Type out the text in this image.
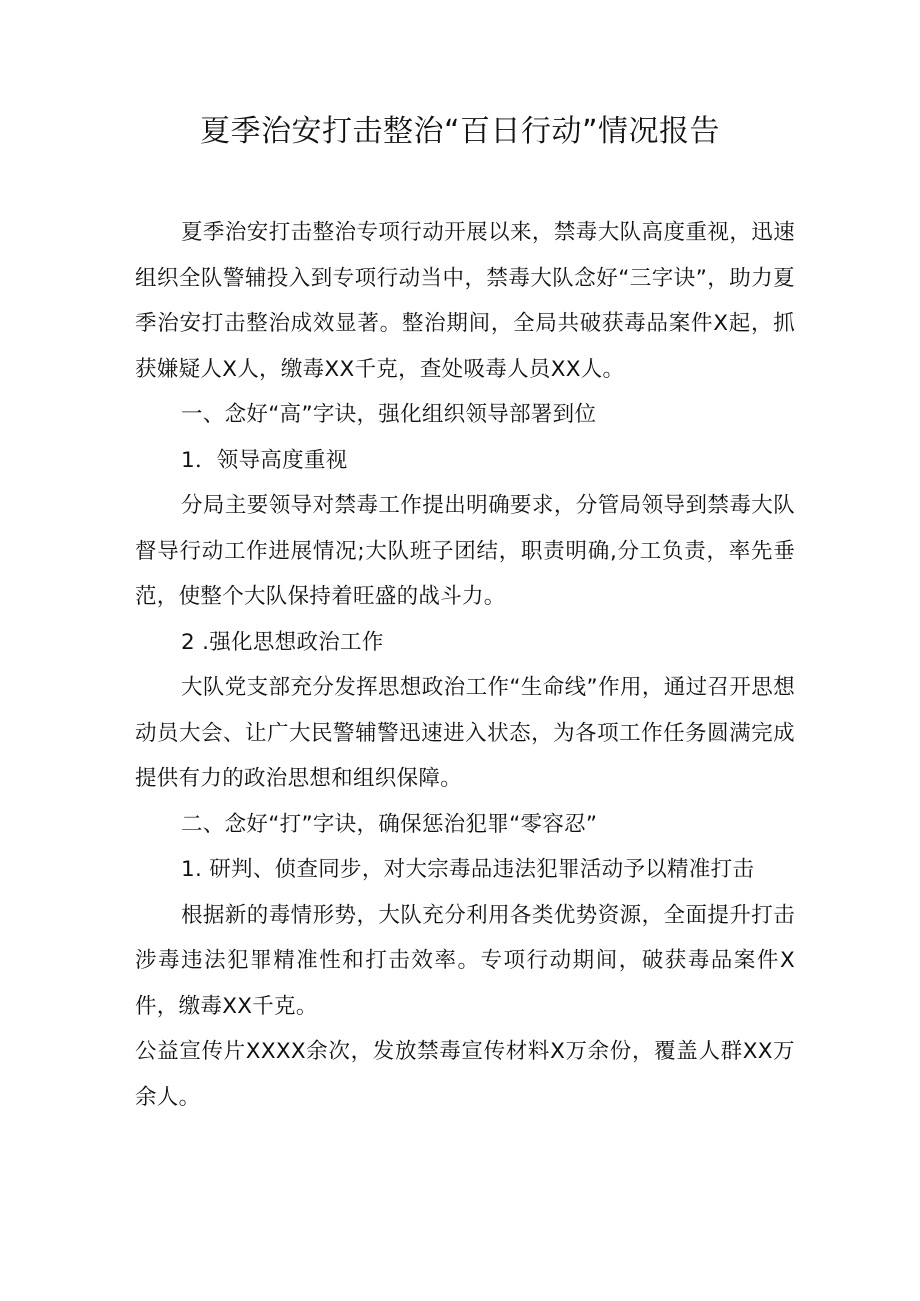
夏季治安打击整治“百日行动”情况报告

夏季治安打击整治专项行动开展以来，禁毒大队高度重视，迅速组织全队警辅投入到专项行动当中，禁毒大队念好“三字诀”，助力夏季治安打击整治成效显著。整治期间，全局共破获毒品案件X起，抓获嫌疑人X人，缴毒XX千克，查处吸毒人员XX人。

一、念好“高”字诀，强化组织领导部署到位

1．领导高度重视

分局主要领导对禁毒工作提出明确要求，分管局领导到禁毒大队督导行动工作进展情况;大队班子团结，职责明确,分工负责，率先垂范，使整个大队保持着旺盛的战斗力。

2 .强化思想政治工作

大队党支部充分发挥思想政治工作“生命线”作用，通过召开思想动员大会、让广大民警辅警迅速进入状态，为各项工作任务圆满完成提供有力的政治思想和组织保障。

二、念好“打”字诀，确保惩治犯罪“零容忍”

1. 研判、侦查同步，对大宗毒品违法犯罪活动予以精准打击

根据新的毒情形势，大队充分利用各类优势资源，全面提升打击涉毒违法犯罪精准性和打击效率。专项行动期间，破获毒品案件X件，缴毒XX千克。

公益宣传片XXXX余次，发放禁毒宣传材料X万余份，覆盖人群XX万余人。
